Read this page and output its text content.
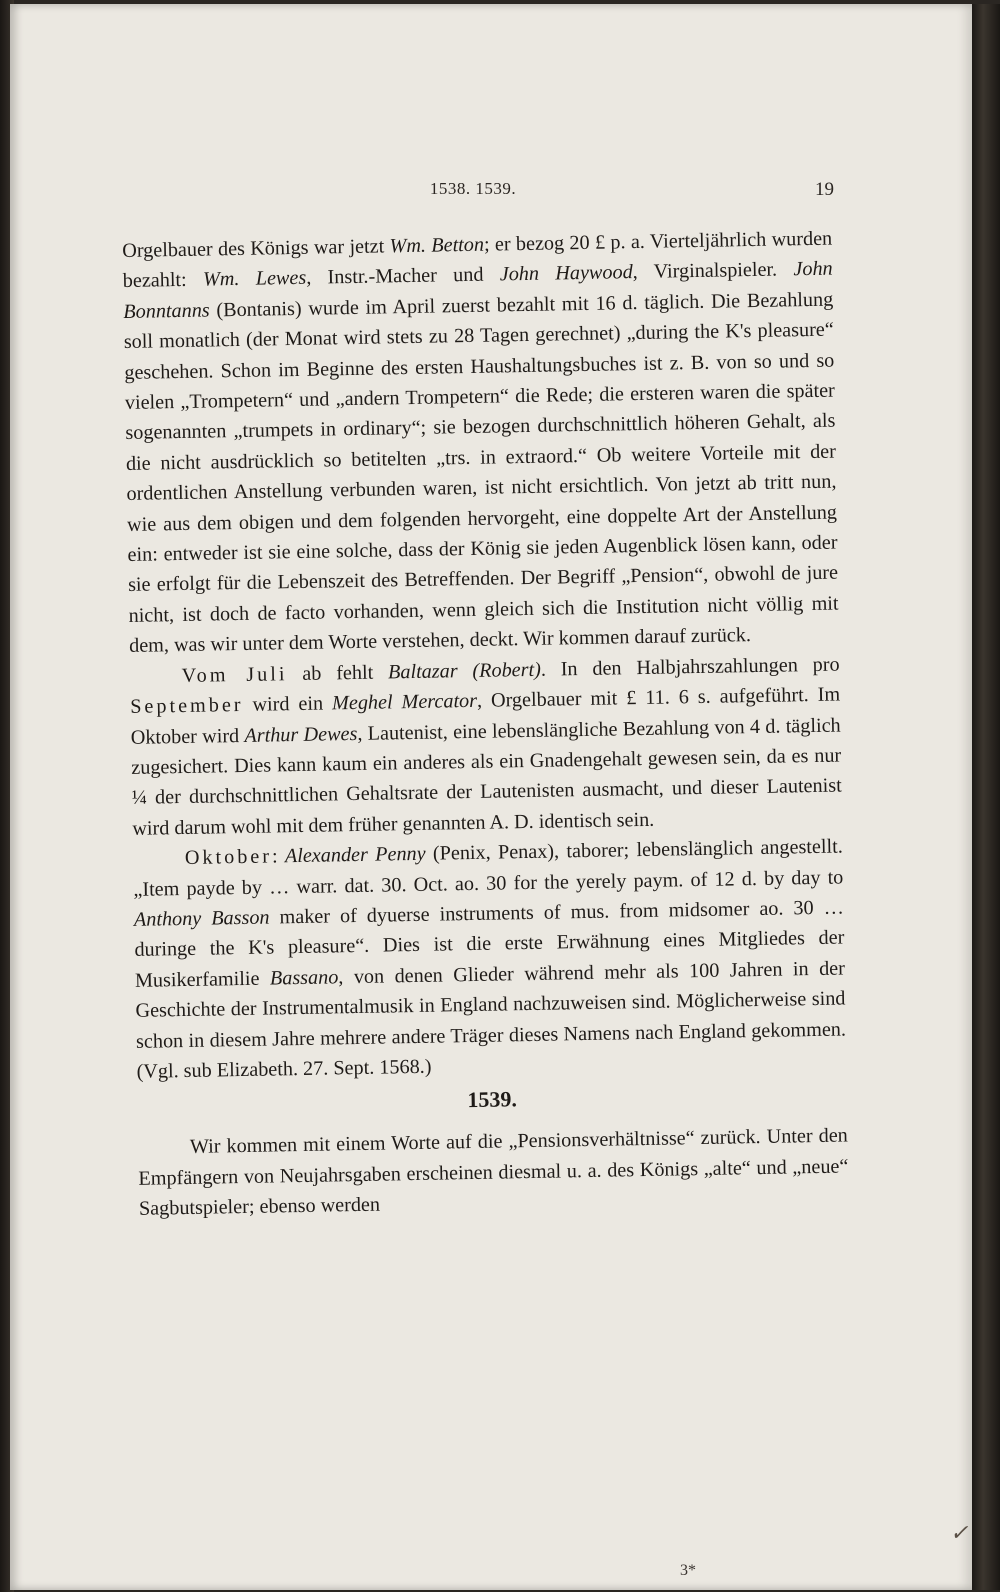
1538. 1539.	19

Orgelbauer des Königs war jetzt Wm. Betton; er bezog 20 £ p. a. Vierteljährlich wurden bezahlt: Wm. Lewes, Instr.-Macher und John Haywood, Virginalspieler. John Bonntanns (Bontanis) wurde im April zuerst bezahlt mit 16 d. täglich. Die Bezahlung soll monatlich (der Monat wird stets zu 28 Tagen gerechnet) „during the K's pleasure“ geschehen. Schon im Beginne des ersten Haushaltungsbuches ist z. B. von so und so vielen „Trompetern“ und „andern Trompetern“ die Rede; die ersteren waren die später sogenannten „trumpets in ordinary“; sie bezogen durchschnittlich höheren Gehalt, als die nicht ausdrücklich so betitelten „trs. in extraord.“ Ob weitere Vorteile mit der ordentlichen Anstellung verbunden waren, ist nicht ersichtlich. Von jetzt ab tritt nun, wie aus dem obigen und dem folgenden hervorgeht, eine doppelte Art der Anstellung ein: entweder ist sie eine solche, dass der König sie jeden Augenblick lösen kann, oder sie erfolgt für die Lebenszeit des Betreffenden. Der Begriff „Pension“, obwohl de jure nicht, ist doch de facto vorhanden, wenn gleich sich die Institution nicht völlig mit dem, was wir unter dem Worte verstehen, deckt. Wir kommen darauf zurück.

Vom Juli ab fehlt Baltazar (Robert). In den Halbjahrszahlungen pro September wird ein Meghel Mercator, Orgelbauer mit £ 11. 6 s. aufgeführt. Im Oktober wird Arthur Dewes, Lautenist, eine lebenslängliche Bezahlung von 4 d. täglich zugesichert. Dies kann kaum ein anderes als ein Gnadengehalt gewesen sein, da es nur ¼ der durchschnittlichen Gehaltsrate der Lautenisten ausmacht, und dieser Lautenist wird darum wohl mit dem früher genannten A. D. identisch sein.

Oktober: Alexander Penny (Penix, Penax), taborer; lebenslänglich angestellt. „Item payde by … warr. dat. 30. Oct. ao. 30 for the yerely paym. of 12 d. by day to Anthony Basson maker of dyuerse instruments of mus. from midsomer ao. 30 … duringe the K's pleasure“. Dies ist die erste Erwähnung eines Mitgliedes der Musikerfamilie Bassano, von denen Glieder während mehr als 100 Jahren in der Geschichte der Instrumentalmusik in England nachzuweisen sind. Möglicherweise sind schon in diesem Jahre mehrere andere Träger dieses Namens nach England gekommen. (Vgl. sub Elizabeth. 27. Sept. 1568.)

1539.

Wir kommen mit einem Worte auf die „Pensionsverhältnisse“ zurück. Unter den Empfängern von Neujahrsgaben erscheinen diesmal u. a. des Königs „alte“ und „neue“ Sagbutspieler; ebenso werden

3*
✓
